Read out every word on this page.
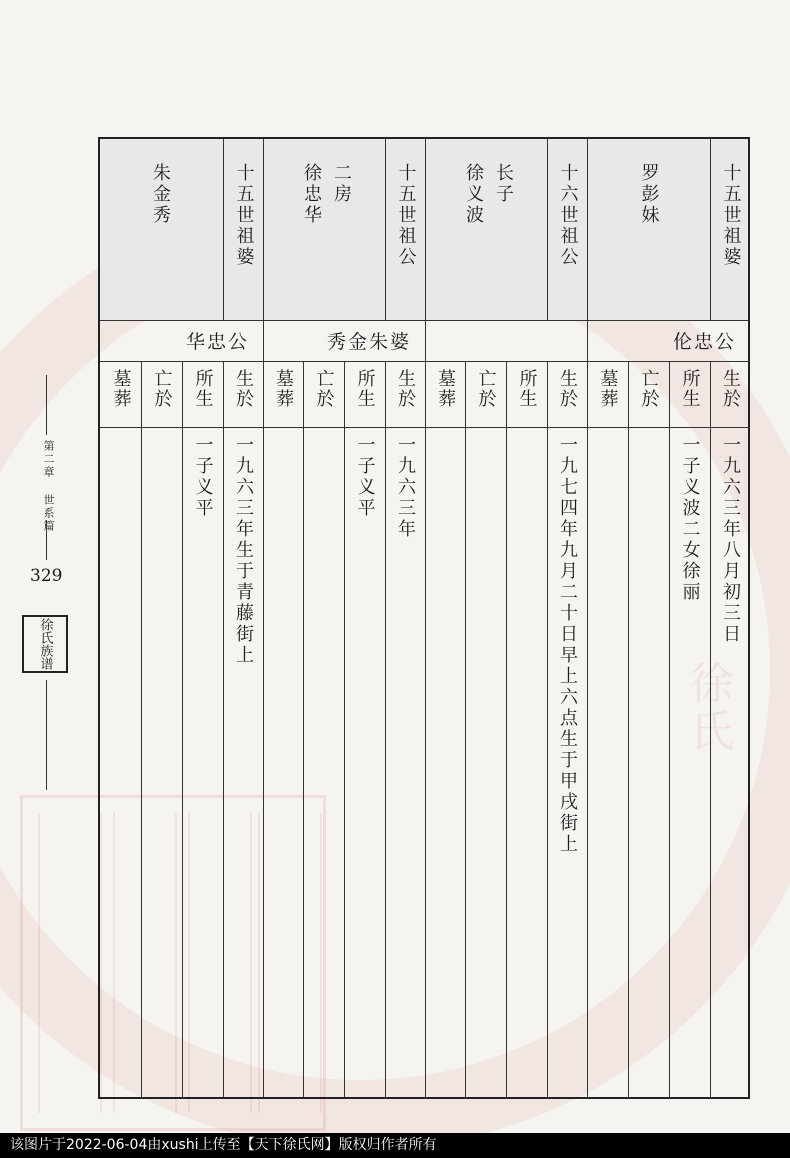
徐氏
第二章 世系篇
329
徐氏族谱
十五世祖婆
罗彭妹
伦忠公
生於
所生
亡於
墓葬
一九六三年八月初三日
一子义波二女徐丽
十六世祖公
长子
徐义波
生於
所生
亡於
墓葬
一九七四年九月二十日早上六点生于甲戌街上
十五世祖公
二房
徐忠华
秀金朱婆
生於
所生
亡於
墓葬
一九六三年
一子义平
十五世祖婆
朱金秀
华忠公
生於
所生
亡於
墓葬
一九六三年生于青藤街上
一子义平
该图片于2022-06-04由xushi上传至【天下徐氏网】版权归作者所有
